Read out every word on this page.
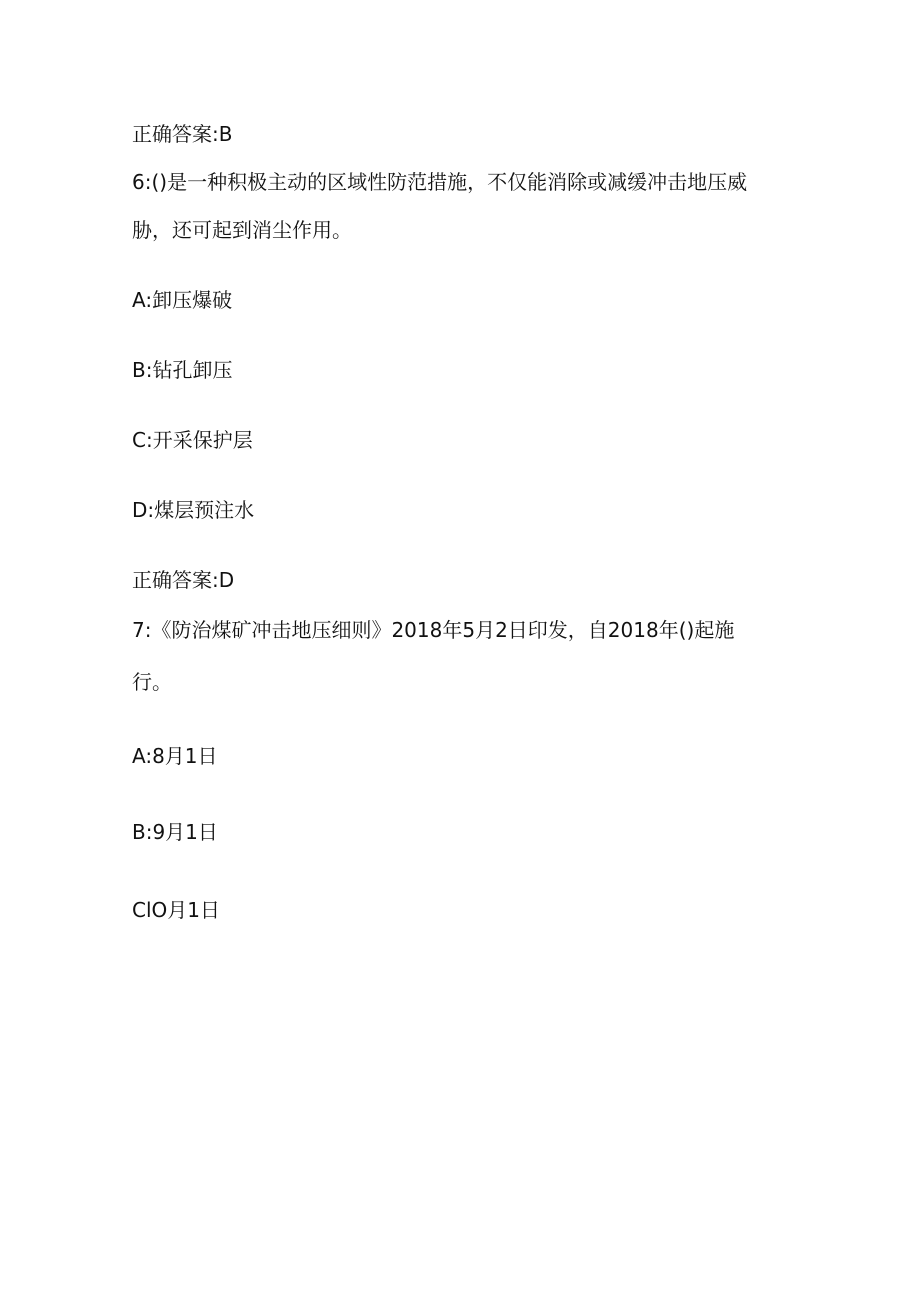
正确答案:B
6:()是一种积极主动的区域性防范措施，不仅能消除或减缓冲击地压威
胁，还可起到消尘作用。
A:卸压爆破
B:钻孔卸压
C:开采保护层
D:煤层预注水
正确答案:D
7:《防治煤矿冲击地压细则》2018年5月2日印发，自2018年()起施
行。
A:8月1日
B:9月1日
ClO月1日
